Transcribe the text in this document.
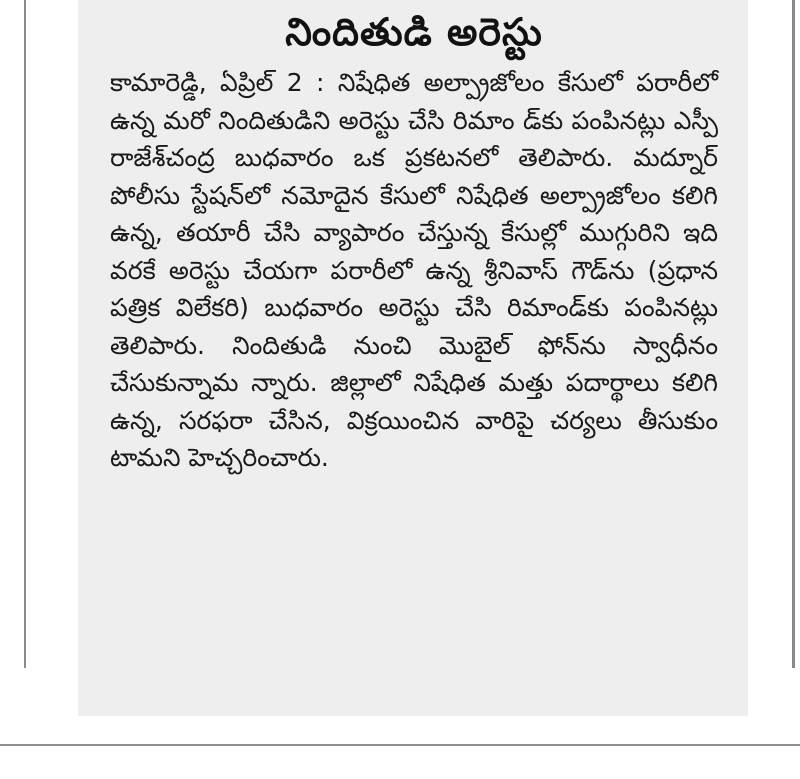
నిందితుడి అరెస్టు

కామారెడ్డి, ఏప్రిల్ 2 : నిషేధిత అల్ప్రాజోలం కేసులో పరారీలో ఉన్న మరో నిందితుడిని అరెస్టు చేసి రిమాం డ్‌కు పంపినట్లు ఎస్పీ రాజేశ్‌చంద్ర బుధవారం ఒక ప్రకటనలో తెలిపారు. మద్నూర్ పోలీసు స్టేషన్‌లో నమోదైన కేసులో నిషేధిత అల్ప్రాజోలం కలిగి ఉన్న, తయారీ చేసి వ్యాపారం చేస్తున్న కేసుల్లో ముగ్గురిని ఇది వరకే అరెస్టు చేయగా పరారీలో ఉన్న శ్రీనివాస్ గౌడ్‌ను (ప్రధాన పత్రిక విలేకరి) బుధవారం అరెస్టు చేసి రిమాండ్‌కు పంపినట్లు తెలిపారు. నిందితుడి నుంచి మొబైల్ ఫోన్‌ను స్వాధీనం చేసుకున్నామ న్నారు. జిల్లాలో నిషేధిత మత్తు పదార్థాలు కలిగి ఉన్న, సరఫరా చేసిన, విక్రయించిన వారిపై చర్యలు తీసుకుం టామని హెచ్చరించారు.
